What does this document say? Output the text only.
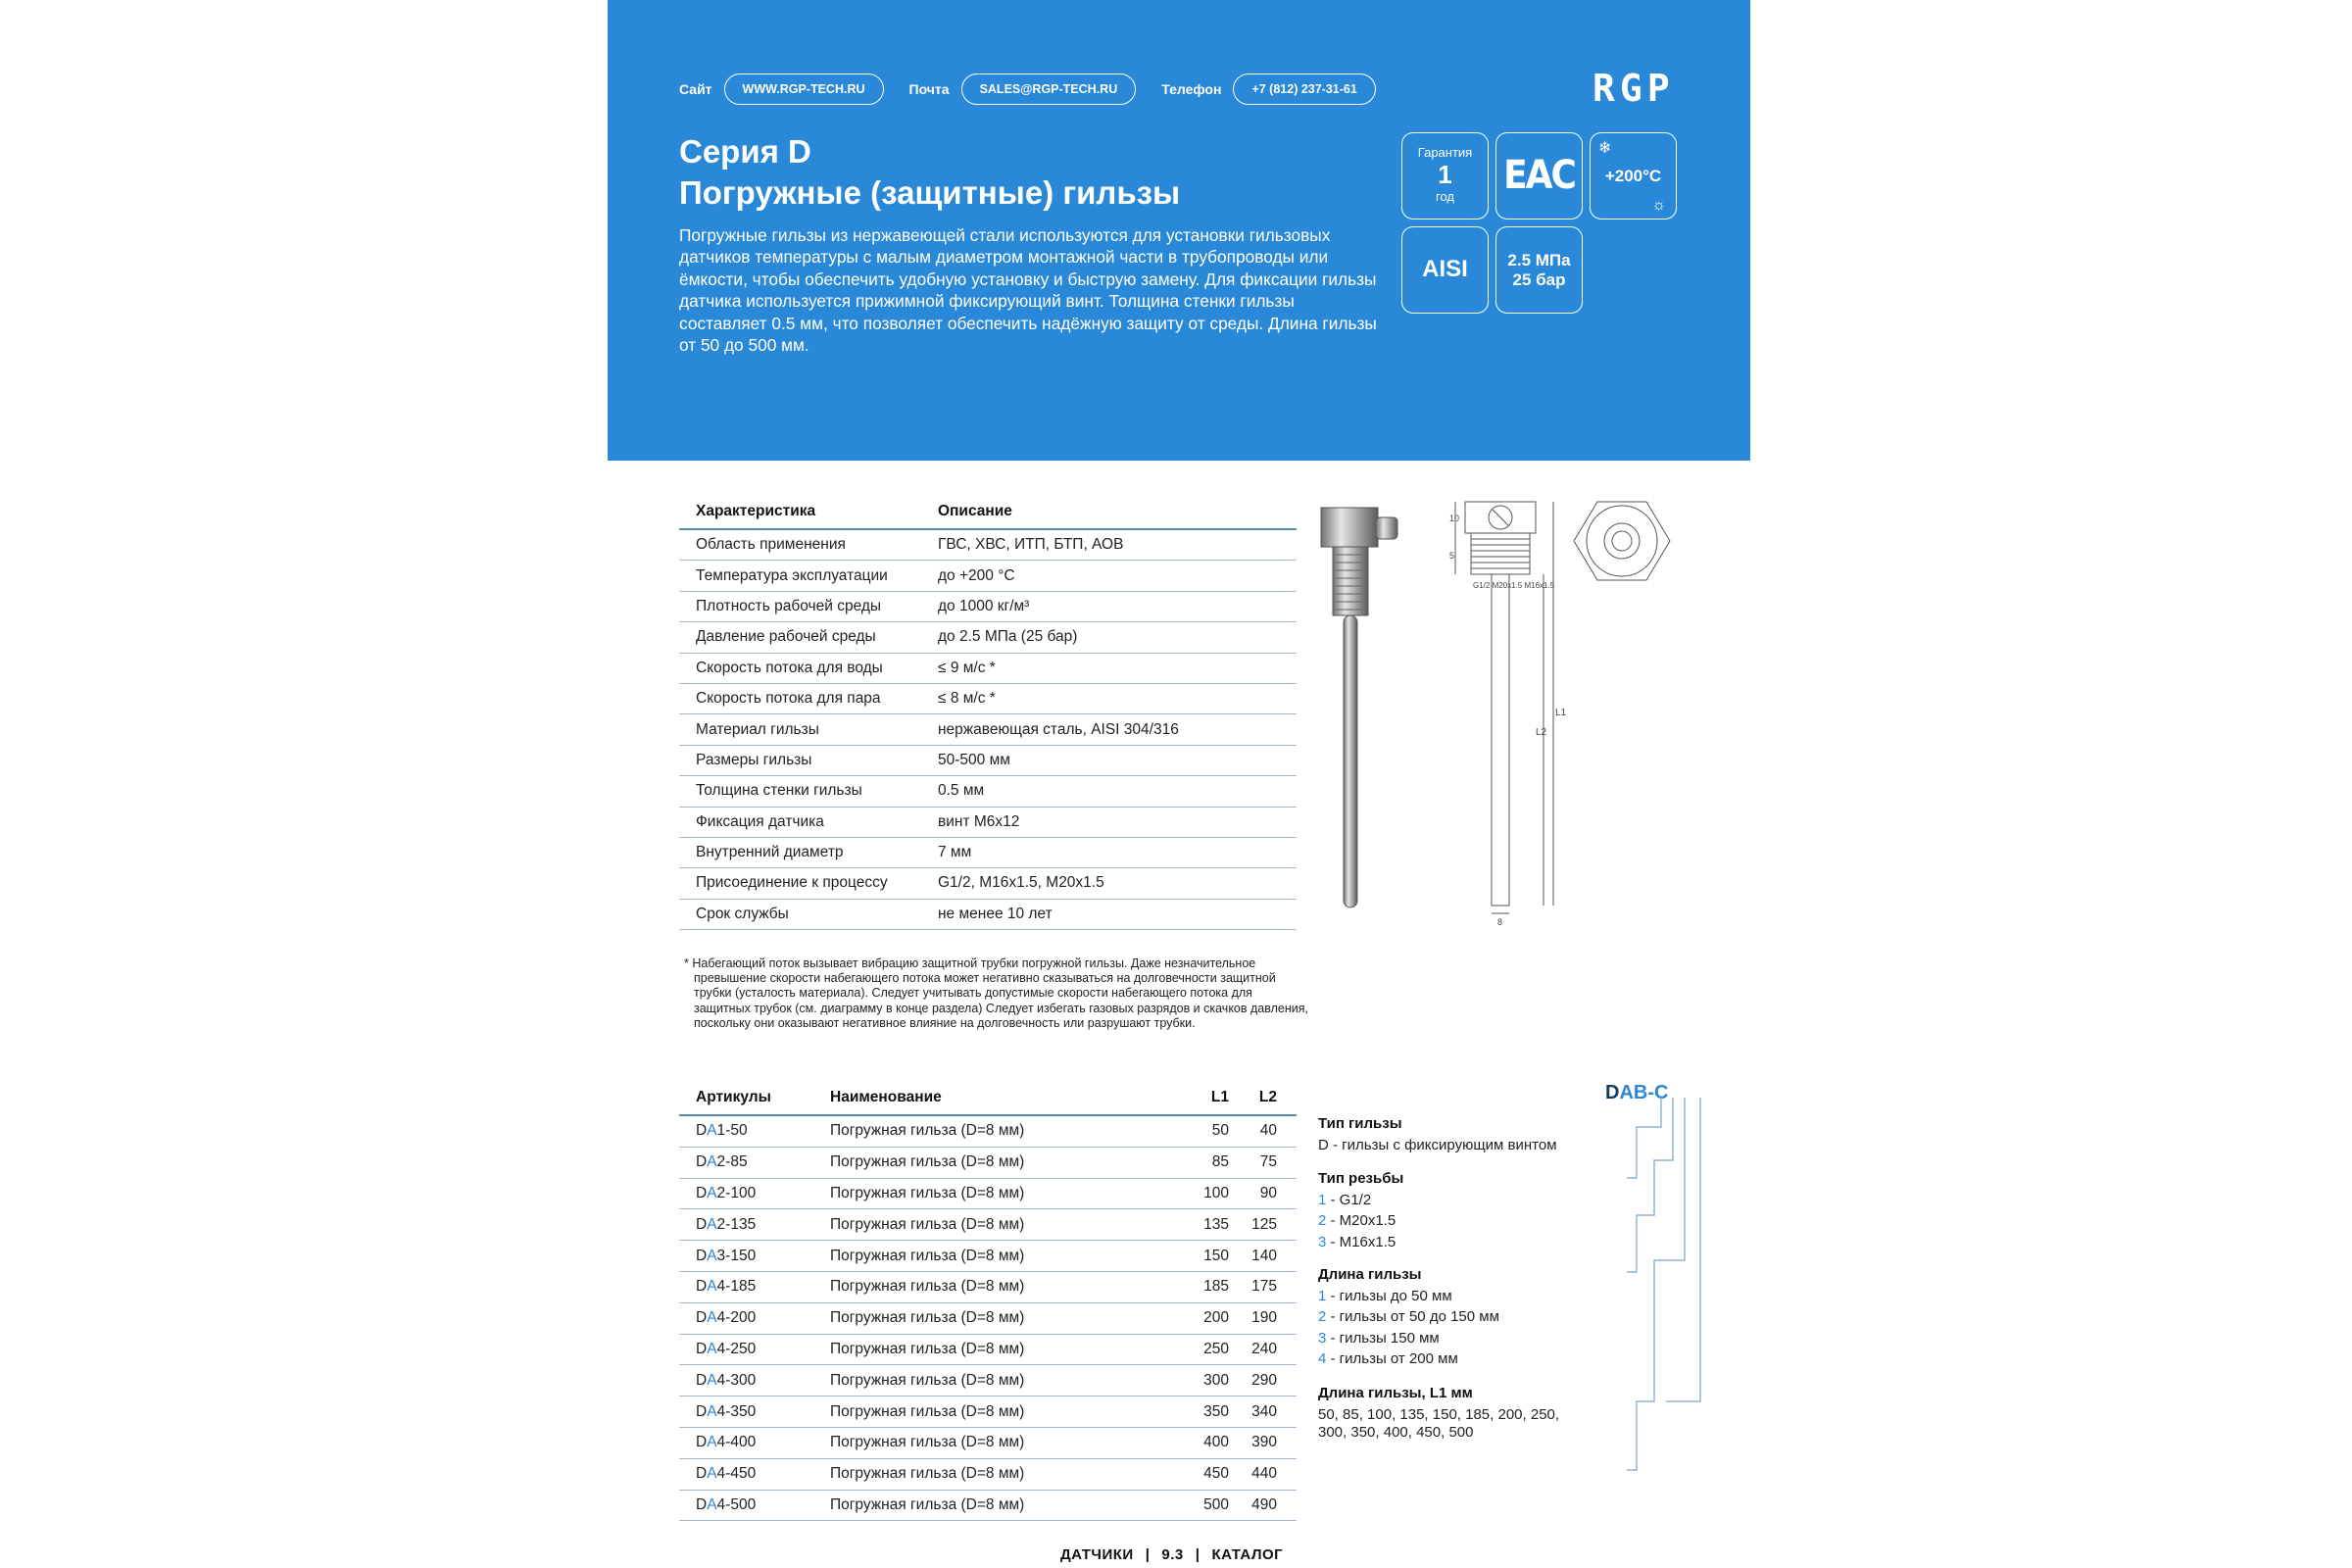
Сайт	WWW.RGP-TECH.RU	Почта	SALES@RGP-TECH.RU	Телефон	+7 (812) 237-31-61	RGP
Серия D
Погружные (защитные) гильзы

Погружные гильзы из нержавеющей стали используются для установки гильзовых датчиков температуры с малым диаметром монтажной части в трубопроводы или ёмкости, чтобы обеспечить удобную установку и быструю замену. Для фиксации гильзы датчика используется прижимной фиксирующий винт. Толщина стенки гильзы составляет 0.5 мм, что позволяет обеспечить надёжную защиту от среды. Длина гильзы от 50 до 500 мм.

Гарантия
1
год	EAC
❄
+200°C
☼
AISI	2.5 МПа
25 бар
Характеристика	Описание
Область применения	ГВС, ХВС, ИТП, БТП, АОВ
Температура эксплуатации	до +200 °C
Плотность рабочей среды	до 1000 кг/м³
Давление рабочей среды	до 2.5 МПа (25 бар)
Скорость потока для воды	≤ 9 м/с *
Скорость потока для пара	≤ 8 м/с *
Материал гильзы	нержавеющая сталь, AISI 304/316
Размеры гильзы	50-500 мм
Толщина стенки гильзы	0.5 мм
Фиксация датчика	винт M6x12
Внутренний диаметр	7 мм
Присоединение к процессу	G1/2, M16x1.5, M20x1.5
Срок службы	не менее 10 лет

* Набегающий поток вызывает вибрацию защитной трубки погружной гильзы. Даже незначительное превышение скорости набегающего потока может негативно сказываться на долговечности защитной трубки (усталость материала). Следует учитывать допустимые скорости набегающего потока для защитных трубок (см. диаграмму в конце раздела) Следует избегать газовых разрядов и скачков давления, поскольку они оказывают негативное влияние на долговечность или разрушают трубки.

10
5
G1/2 M20x1.5 M16x1.5
L2
L1
8
Артикулы	Наименование	L1	L2
DA1-50	Погружная гильза (D=8 мм)	50	40
DA2-85	Погружная гильза (D=8 мм)	85	75
DA2-100	Погружная гильза (D=8 мм)	100	90
DA2-135	Погружная гильза (D=8 мм)	135	125
DA3-150	Погружная гильза (D=8 мм)	150	140
DA4-185	Погружная гильза (D=8 мм)	185	175
DA4-200	Погружная гильза (D=8 мм)	200	190
DA4-250	Погружная гильза (D=8 мм)	250	240
DA4-300	Погружная гильза (D=8 мм)	300	290
DA4-350	Погружная гильза (D=8 мм)	350	340
DA4-400	Погружная гильза (D=8 мм)	400	390
DA4-450	Погружная гильза (D=8 мм)	450	440
DA4-500	Погружная гильза (D=8 мм)	500	490
DAB-C
Тип гильзы
D - гильзы с фиксирующим винтом
Тип резьбы
1 - G1/2
2 - M20x1.5
3 - M16x1.5
Длина гильзы
1 - гильзы до 50 мм
2 - гильзы от 50 до 150 мм
3 - гильзы 150 мм
4 - гильзы от 200 мм
Длина гильзы, L1 мм
50, 85, 100, 135, 150, 185, 200, 250,
300, 350, 400, 450, 500
ДАТЧИКИ | 9.3 | КАТАЛОГ
